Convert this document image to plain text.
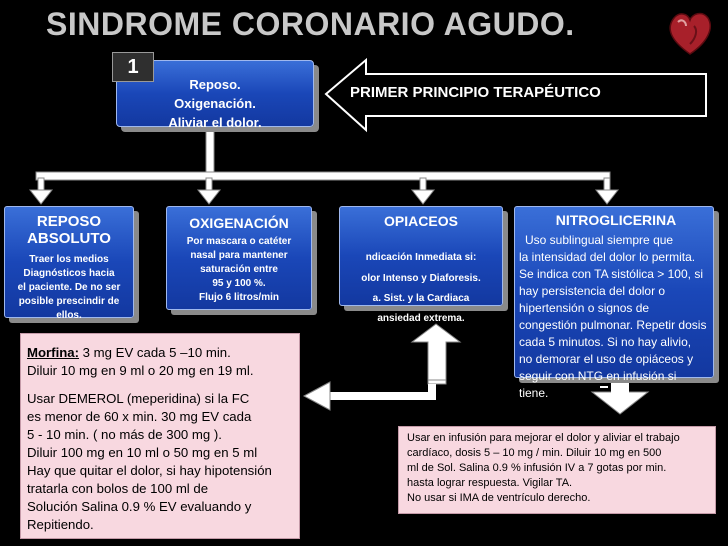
SINDROME CORONARIO AGUDO.
Reposo.
Oxigenación.
Aliviar el dolor.
1
PRIMER PRINCIPIO TERAPÉUTICO
REPOSO
ABSOLUTO
Traer los medios
Diagnósticos hacia
el paciente. De no ser
posible prescindir de
ellos.
OXIGENACIÓN
Por mascara o catéter
nasal para mantener
saturación entre
95 y 100 %.
Flujo 6 litros/min
OPIACEOS
ndicación Inmediata si:
olor Intenso y Diaforesis.
a. Sist. y la Cardiaca
ansiedad extrema.
NITROGLICERINA
Uso sublingual siempre que
la intensidad del dolor lo permita.
Se indica con TA sistólica > 100, si
hay persistencia del dolor o
hipertensión o signos de
congestión pulmonar. Repetir dosis
cada 5 minutos. Si no hay alivio,
no demorar el uso de opiáceos y
seguir con NTG en infusión si
tiene.
Morfina: 3 mg EV cada 5 –10 min.
Diluir 10 mg en 9 ml o 20 mg en 19 ml.
Usar DEMEROL (meperidina) si la FC
es menor de 60 x min. 30 mg EV cada
5 - 10 min. ( no más de 300 mg ).
Diluir 100 mg en 10 ml o 50 mg en 5 ml
Hay que quitar el dolor, si hay hipotensión
tratarla con bolos de 100 ml de
Solución Salina 0.9 % EV evaluando y
Repitiendo.
Usar en infusión para mejorar el dolor y aliviar el trabajo
cardíaco, dosis 5 – 10 mg / min. Diluir 10 mg en 500
ml de Sol. Salina 0.9 % infusión IV a 7 gotas por min.
hasta lograr respuesta. Vigilar TA.
No usar si IMA de ventrículo derecho.
